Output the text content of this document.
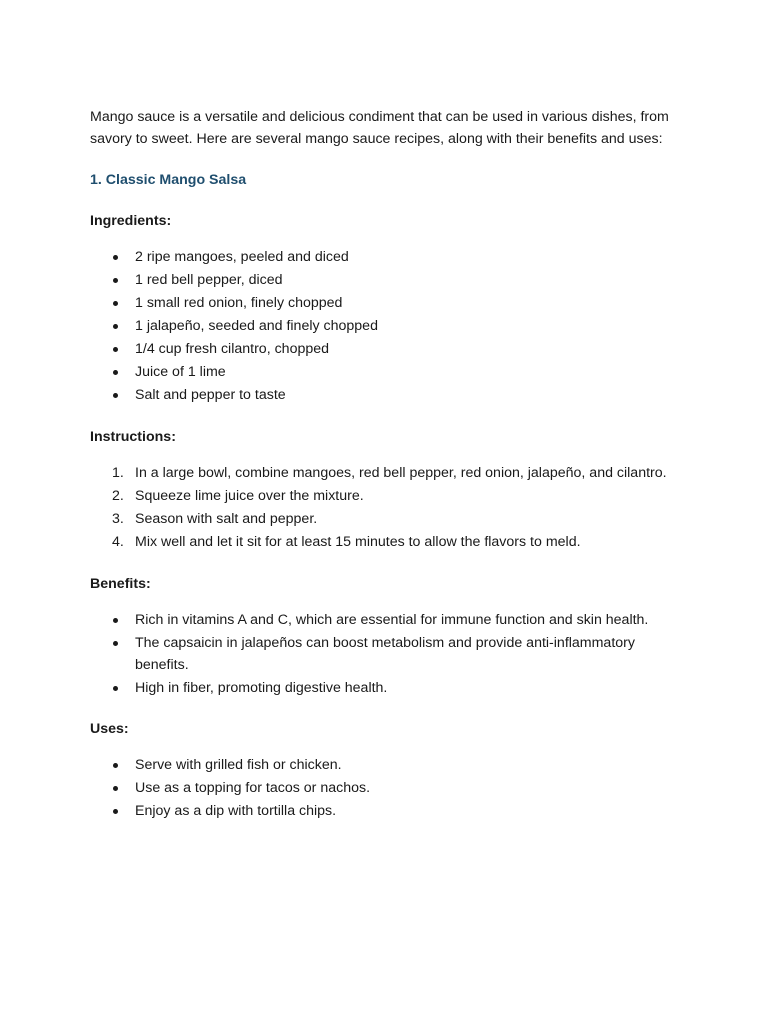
Mango sauce is a versatile and delicious condiment that can be used in various dishes, from savory to sweet. Here are several mango sauce recipes, along with their benefits and uses:

1. Classic Mango Salsa
Ingredients:
2 ripe mangoes, peeled and diced
1 red bell pepper, diced
1 small red onion, finely chopped
1 jalapeño, seeded and finely chopped
1/4 cup fresh cilantro, chopped
Juice of 1 lime
Salt and pepper to taste
Instructions:
1. In a large bowl, combine mangoes, red bell pepper, red onion, jalapeño, and cilantro.
2. Squeeze lime juice over the mixture.
3. Season with salt and pepper.
4. Mix well and let it sit for at least 15 minutes to allow the flavors to meld.
Benefits:
Rich in vitamins A and C, which are essential for immune function and skin health.
The capsaicin in jalapeños can boost metabolism and provide anti-inflammatory benefits.
High in fiber, promoting digestive health.
Uses:
Serve with grilled fish or chicken.
Use as a topping for tacos or nachos.
Enjoy as a dip with tortilla chips.
